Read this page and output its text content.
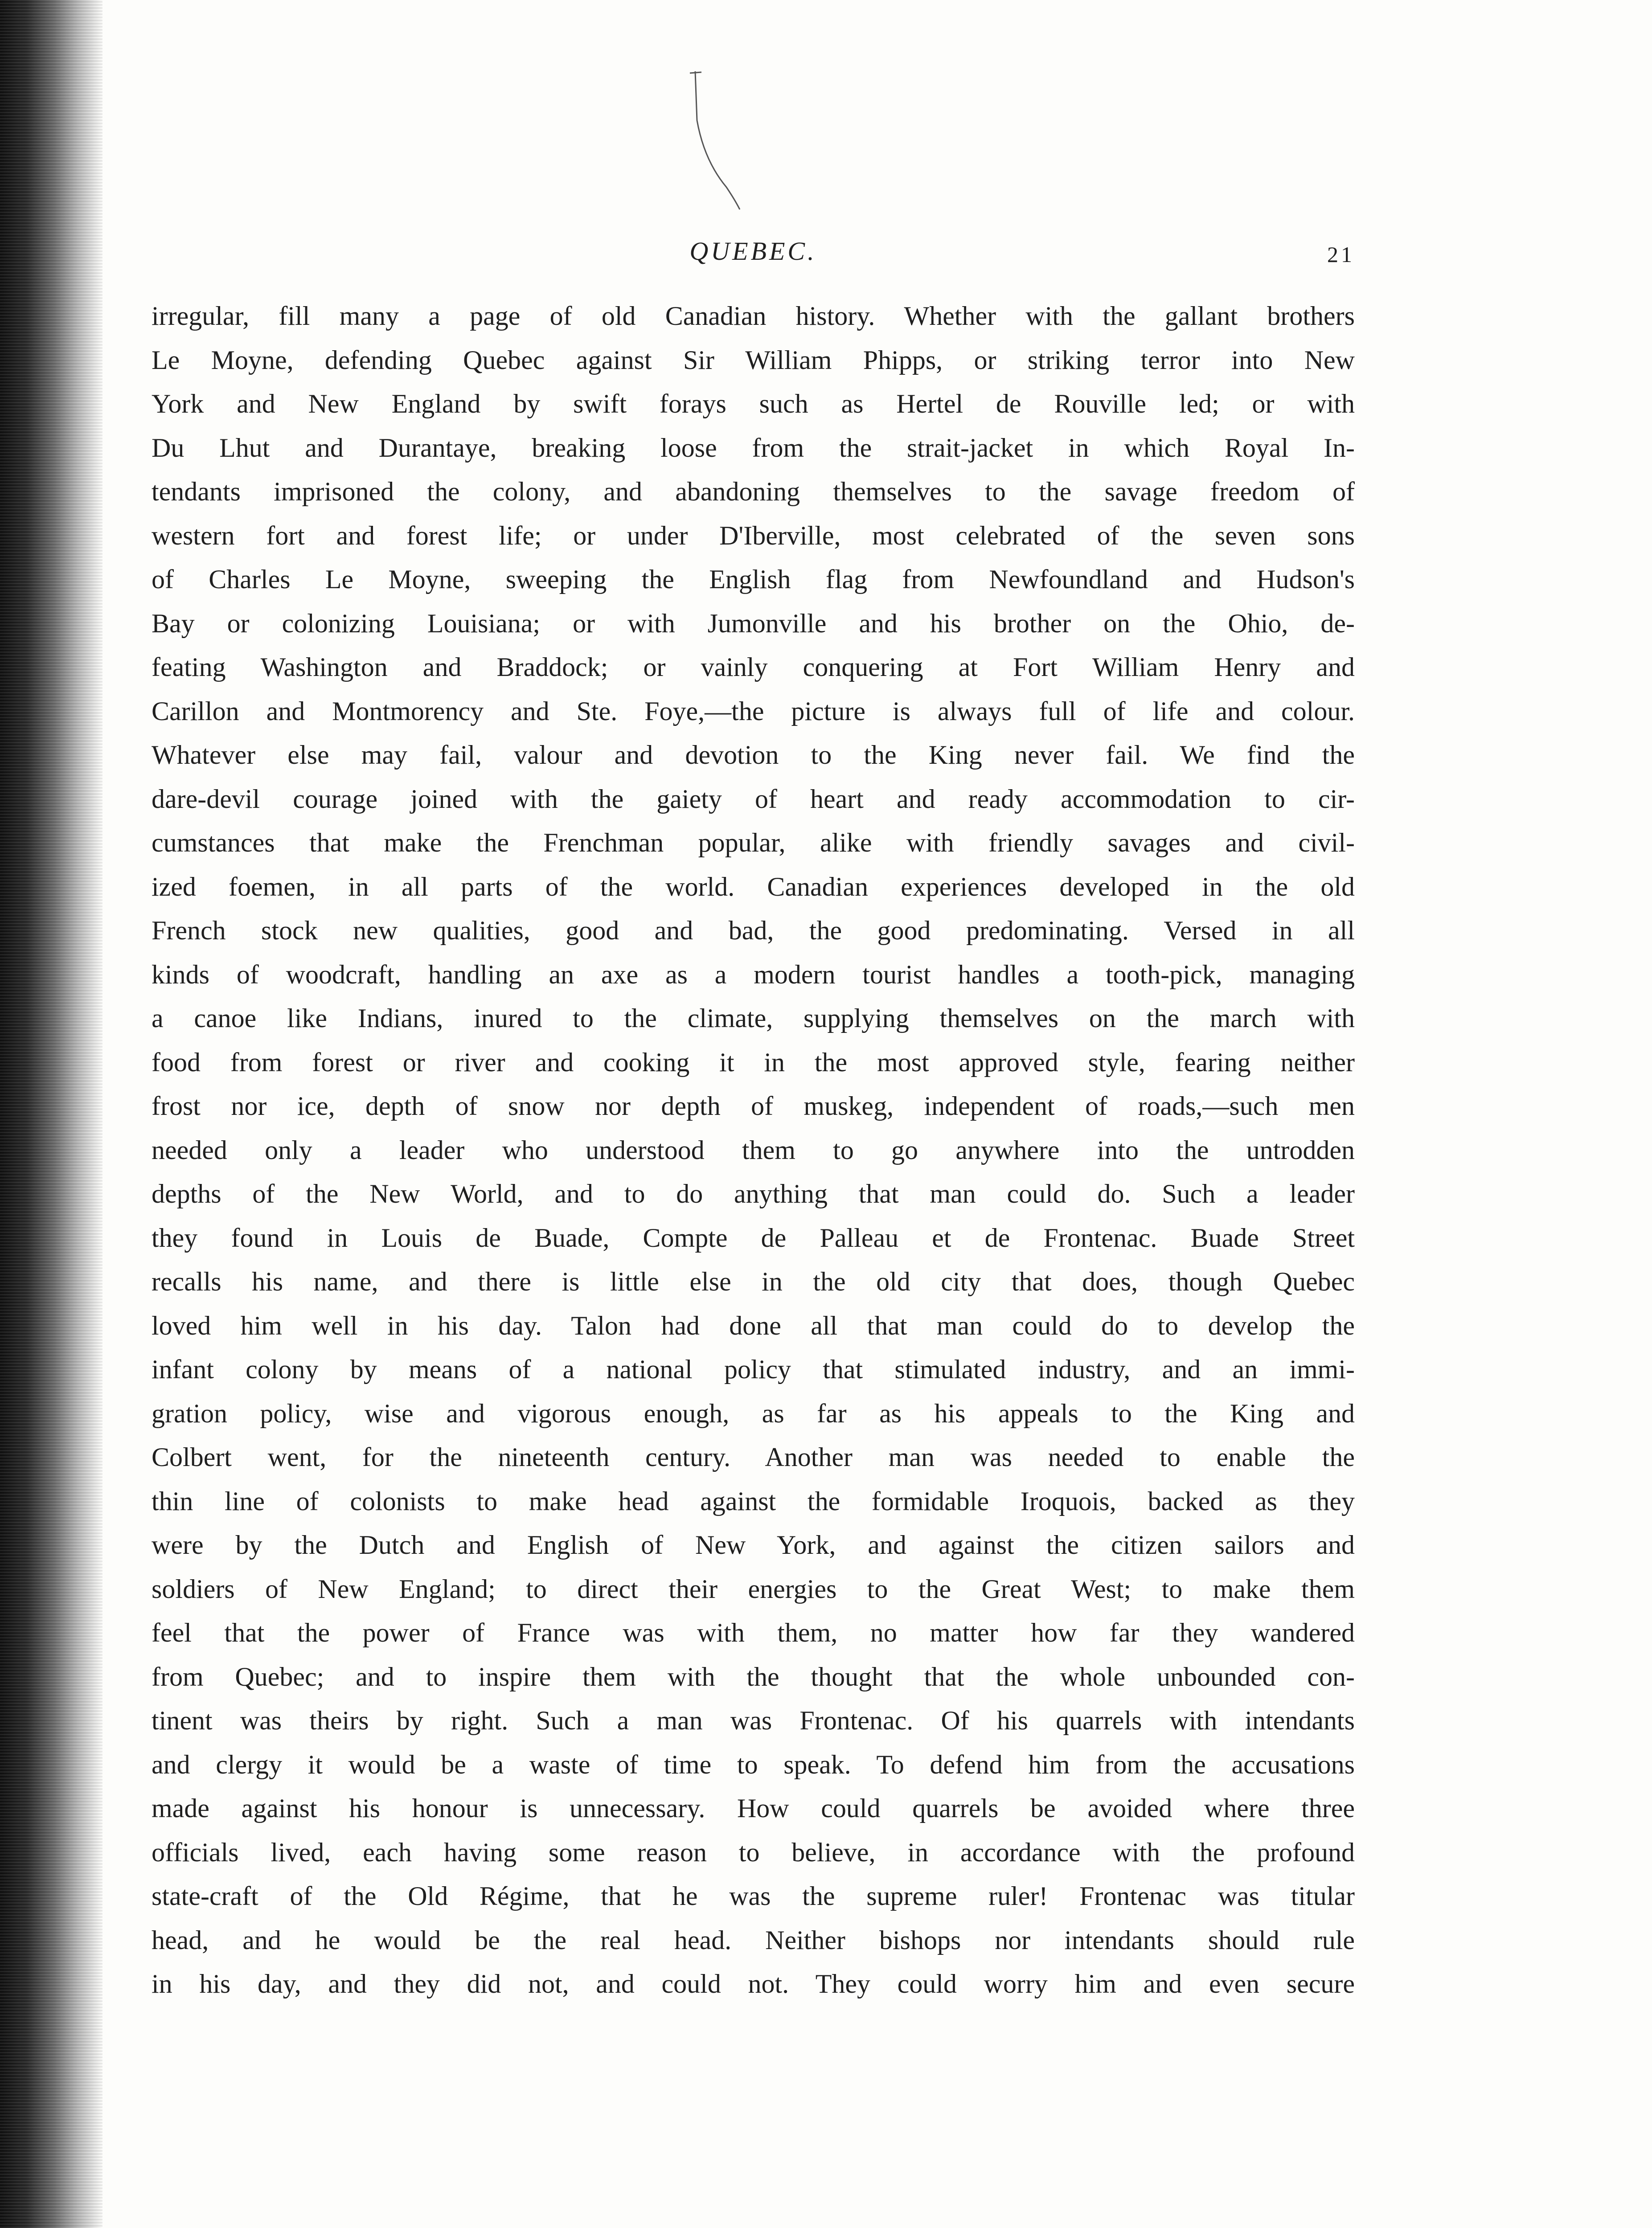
QUEBEC.	21
irregular, fill many a page of old Canadian history. Whether with the gallant brothers
Le Moyne, defending Quebec against Sir William Phipps, or striking terror into New
York and New England by swift forays such as Hertel de Rouville led; or with
Du Lhut and Durantaye, breaking loose from the strait-jacket in which Royal In-
tendants imprisoned the colony, and abandoning themselves to the savage freedom of
western fort and forest life; or under D'Iberville, most celebrated of the seven sons
of Charles Le Moyne, sweeping the English flag from Newfoundland and Hudson's
Bay or colonizing Louisiana; or with Jumonville and his brother on the Ohio, de-
feating Washington and Braddock; or vainly conquering at Fort William Henry and
Carillon and Montmorency and Ste. Foye,—the picture is always full of life and colour.
Whatever else may fail, valour and devotion to the King never fail. We find the
dare-devil courage joined with the gaiety of heart and ready accommodation to cir-
cumstances that make the Frenchman popular, alike with friendly savages and civil-
ized foemen, in all parts of the world. Canadian experiences developed in the old
French stock new qualities, good and bad, the good predominating. Versed in all
kinds of woodcraft, handling an axe as a modern tourist handles a tooth-pick, managing
a canoe like Indians, inured to the climate, supplying themselves on the march with
food from forest or river and cooking it in the most approved style, fearing neither
frost nor ice, depth of snow nor depth of muskeg, independent of roads,—such men
needed only a leader who understood them to go anywhere into the untrodden
depths of the New World, and to do anything that man could do. Such a leader
they found in Louis de Buade, Compte de Palleau et de Frontenac. Buade Street
recalls his name, and there is little else in the old city that does, though Quebec
loved him well in his day. Talon had done all that man could do to develop the
infant colony by means of a national policy that stimulated industry, and an immi-
gration policy, wise and vigorous enough, as far as his appeals to the King and
Colbert went, for the nineteenth century. Another man was needed to enable the
thin line of colonists to make head against the formidable Iroquois, backed as they
were by the Dutch and English of New York, and against the citizen sailors and
soldiers of New England; to direct their energies to the Great West; to make them
feel that the power of France was with them, no matter how far they wandered
from Quebec; and to inspire them with the thought that the whole unbounded con-
tinent was theirs by right. Such a man was Frontenac. Of his quarrels with intendants
and clergy it would be a waste of time to speak. To defend him from the accusations
made against his honour is unnecessary. How could quarrels be avoided where three
officials lived, each having some reason to believe, in accordance with the profound
state-craft of the Old Régime, that he was the supreme ruler! Frontenac was titular
head, and he would be the real head. Neither bishops nor intendants should rule
in his day, and they did not, and could not. They could worry him and even secure
